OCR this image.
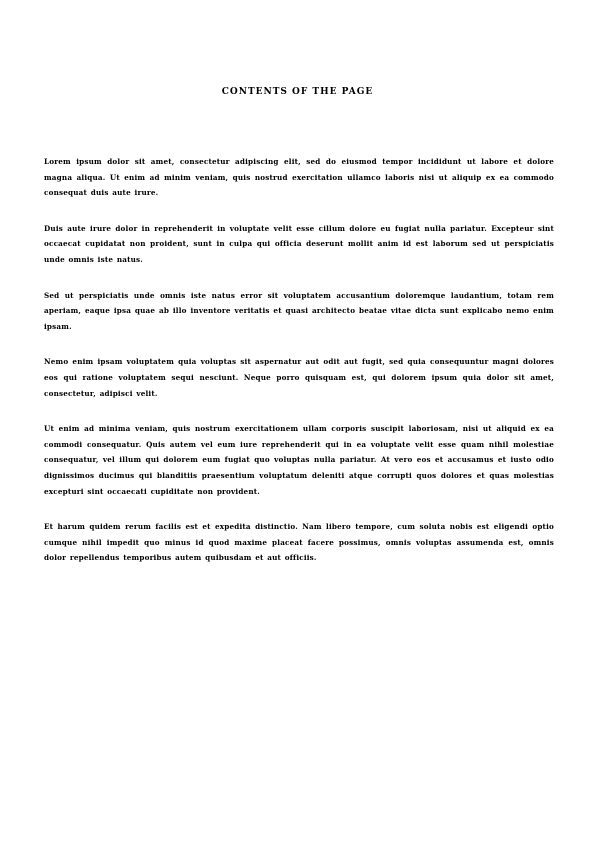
CONTENTS OF THE PAGE

Lorem ipsum dolor sit amet, consectetur adipiscing elit, sed do eiusmod tempor incididunt ut labore et dolore magna aliqua. Ut enim ad minim veniam, quis nostrud exercitation ullamco laboris nisi ut aliquip ex ea commodo consequat duis aute irure.

Duis aute irure dolor in reprehenderit in voluptate velit esse cillum dolore eu fugiat nulla pariatur. Excepteur sint occaecat cupidatat non proident, sunt in culpa qui officia deserunt mollit anim id est laborum sed ut perspiciatis unde omnis iste natus.

Sed ut perspiciatis unde omnis iste natus error sit voluptatem accusantium doloremque laudantium, totam rem aperiam, eaque ipsa quae ab illo inventore veritatis et quasi architecto beatae vitae dicta sunt explicabo nemo enim ipsam.

Nemo enim ipsam voluptatem quia voluptas sit aspernatur aut odit aut fugit, sed quia consequuntur magni dolores eos qui ratione voluptatem sequi nesciunt. Neque porro quisquam est, qui dolorem ipsum quia dolor sit amet, consectetur, adipisci velit.

Ut enim ad minima veniam, quis nostrum exercitationem ullam corporis suscipit laboriosam, nisi ut aliquid ex ea commodi consequatur. Quis autem vel eum iure reprehenderit qui in ea voluptate velit esse quam nihil molestiae consequatur, vel illum qui dolorem eum fugiat quo voluptas nulla pariatur. At vero eos et accusamus et iusto odio dignissimos ducimus qui blanditiis praesentium voluptatum deleniti atque corrupti quos dolores et quas molestias excepturi sint occaecati cupiditate non provident.

Et harum quidem rerum facilis est et expedita distinctio. Nam libero tempore, cum soluta nobis est eligendi optio cumque nihil impedit quo minus id quod maxime placeat facere possimus, omnis voluptas assumenda est, omnis dolor repellendus temporibus autem quibusdam et aut officiis.
